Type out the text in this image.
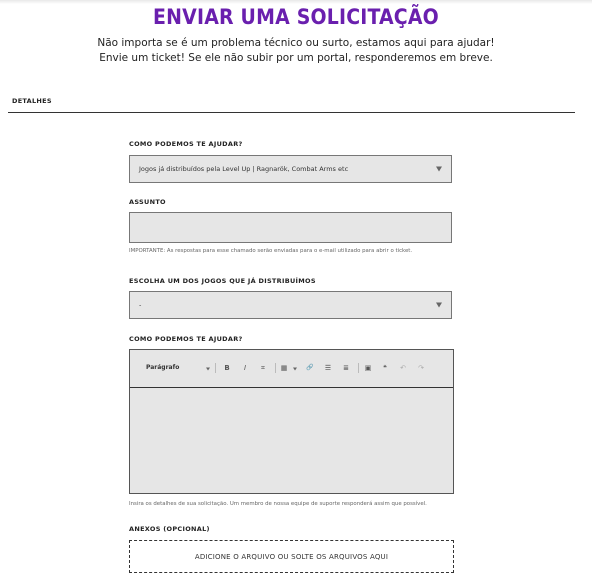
ENVIAR UMA SOLICITAÇÃO
Não importa se é um problema técnico ou surto, estamos aqui para ajudar!
Envie um ticket! Se ele não subir por um portal, responderemos em breve.
DETALHES
COMO PODEMOS TE AJUDAR?
Jogos já distribuídos pela Level Up | Ragnarök, Combat Arms etc
ASSUNTO
IMPORTANTE: As respostas para esse chamado serão enviadas para o e-mail utilizado para abrir o ticket.
ESCOLHA UM DOS JOGOS QUE JÁ DISTRIBUÍMOS
-
COMO PODEMOS TE AJUDAR?
Parágrafo	B	I	⌗	▦	🔗 ☰ ≣ ▣	❝	↶ ↷
Insira os detalhes de sua solicitação. Um membro de nossa equipe de suporte responderá assim que possível.
ANEXOS (OPCIONAL)
ADICIONE O ARQUIVO OU SOLTE OS ARQUIVOS AQUI
